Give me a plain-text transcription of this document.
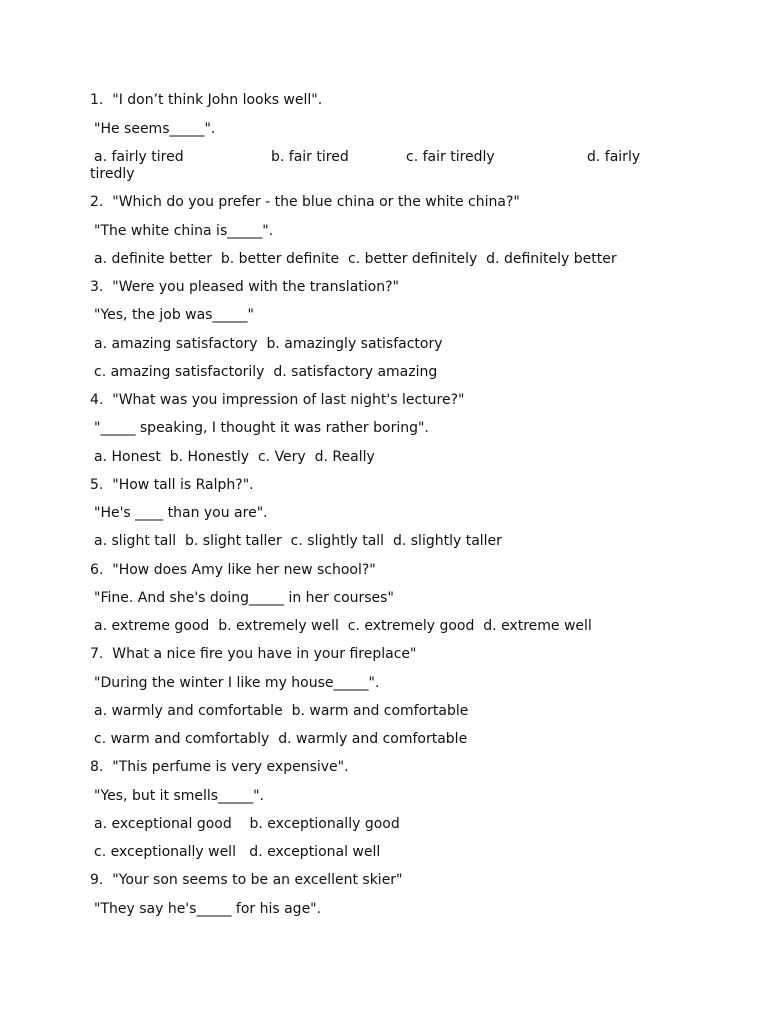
1.  "I don’t think John looks well".
"He seems_____".
a. fairly tired	b. fair tired	c. fair tiredly	d. fairly
tiredly
2.  "Which do you prefer - the blue china or the white china?"
"The white china is_____".
a. definite better  b. better definite  c. better definitely  d. definitely better
3.  "Were you pleased with the translation?"
"Yes, the job was_____"
a. amazing satisfactory  b. amazingly satisfactory
c. amazing satisfactorily  d. satisfactory amazing
4.  "What was you impression of last night's lecture?"
"_____ speaking, I thought it was rather boring".
a. Honest  b. Honestly  c. Very  d. Really
5.  "How tall is Ralph?".
"He's ____ than you are".
a. slight tall  b. slight taller  c. slightly tall  d. slightly taller
6.  "How does Amy like her new school?"
"Fine. And she's doing_____ in her courses"
a. extreme good  b. extremely well  c. extremely good  d. extreme well
7.  What a nice fire you have in your fireplace"
"During the winter I like my house_____".
a. warmly and comfortable  b. warm and comfortable
c. warm and comfortably  d. warmly and comfortable
8.  "This perfume is very expensive".
"Yes, but it smells_____".
a. exceptional good    b. exceptionally good
c. exceptionally well   d. exceptional well
9.  "Your son seems to be an excellent skier"
"They say he's_____ for his age".
